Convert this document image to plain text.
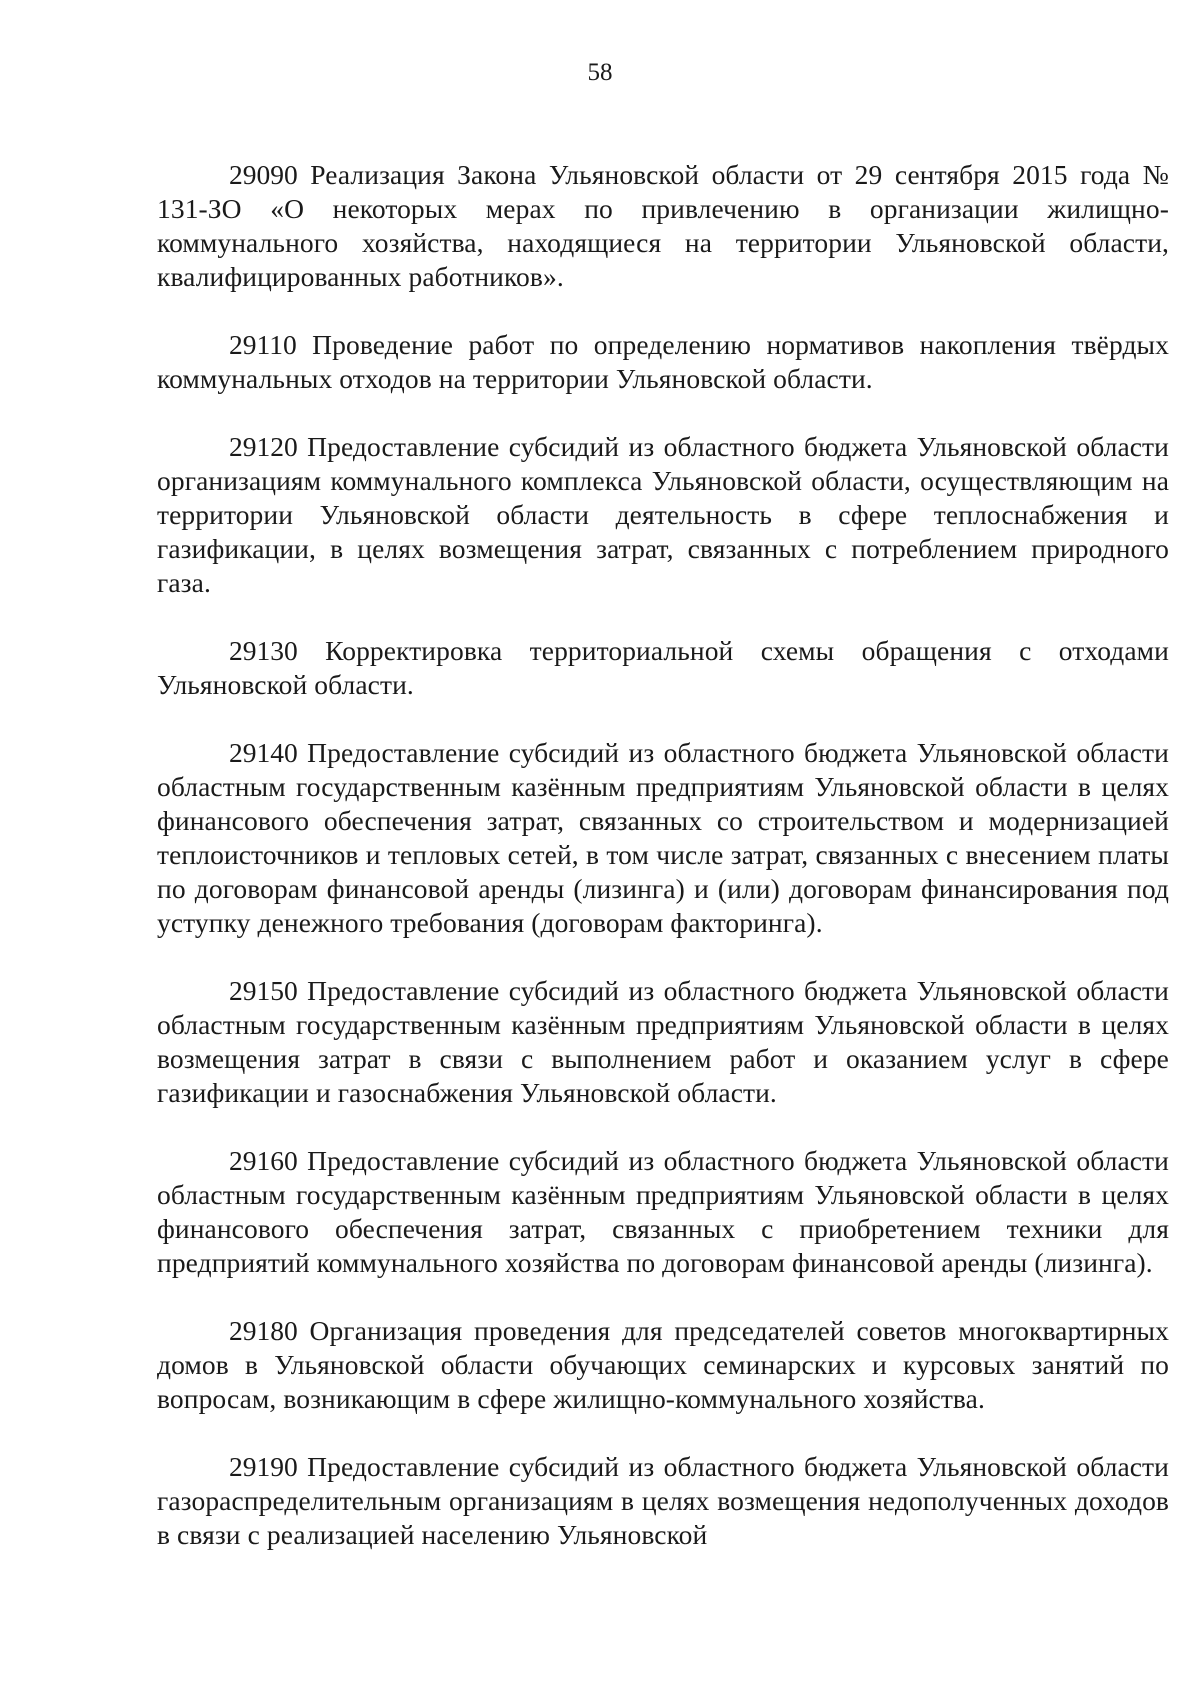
58

29090 Реализация Закона Ульяновской области от 29 сентября 2015 года № 131-ЗО «О некоторых мерах по привлечению в организации жилищно-коммунального хозяйства, находящиеся на территории Ульяновской области, квалифицированных работников».

29110 Проведение работ по определению нормативов накопления твёрдых коммунальных отходов на территории Ульяновской области.

29120 Предоставление субсидий из областного бюджета Ульяновской области организациям коммунального комплекса Ульяновской области, осуществляющим на территории Ульяновской области деятельность в сфере теплоснабжения и газификации, в целях возмещения затрат, связанных с потреблением природного газа.

29130 Корректировка территориальной схемы обращения с отходами Ульяновской области.

29140 Предоставление субсидий из областного бюджета Ульяновской области областным государственным казённым предприятиям Ульяновской области в целях финансового обеспечения затрат, связанных со строительством и модернизацией теплоисточников и тепловых сетей, в том числе затрат, связанных с внесением платы по договорам финансовой аренды (лизинга) и (или) договорам финансирования под уступку денежного требования (договорам факторинга).

29150 Предоставление субсидий из областного бюджета Ульяновской области областным государственным казённым предприятиям Ульяновской области в целях возмещения затрат в связи с выполнением работ и оказанием услуг в сфере газификации и газоснабжения Ульяновской области.

29160 Предоставление субсидий из областного бюджета Ульяновской области областным государственным казённым предприятиям Ульяновской области в целях финансового обеспечения затрат, связанных с приобретением техники для предприятий коммунального хозяйства по договорам финансовой аренды (лизинга).

29180 Организация проведения для председателей советов многоквартирных домов в Ульяновской области обучающих семинарских и курсовых занятий по вопросам, возникающим в сфере жилищно-коммунального хозяйства.

29190 Предоставление субсидий из областного бюджета Ульяновской области газораспределительным организациям в целях возмещения недополученных доходов в связи с реализацией населению Ульяновской
